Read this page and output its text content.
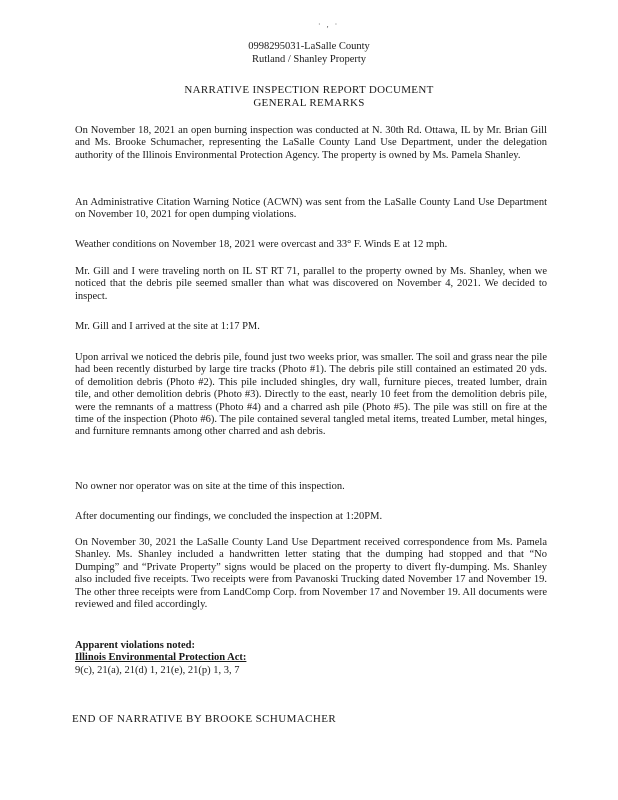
· , ·
0998295031-LaSalle County
Rutland / Shanley Property
NARRATIVE INSPECTION REPORT DOCUMENT
GENERAL REMARKS

On November 18, 2021 an open burning inspection was conducted at N. 30th Rd. Ottawa, IL by Mr. Brian Gill and Ms. Brooke Schumacher, representing the LaSalle County Land Use Department, under the delegation authority of the Illinois Environmental Protection Agency. The property is owned by Ms. Pamela Shanley.

An Administrative Citation Warning Notice (ACWN) was sent from the LaSalle County Land Use Department on November 10, 2021 for open dumping violations.

Weather conditions on November 18, 2021 were overcast and 33° F. Winds E at 12 mph.

Mr. Gill and I were traveling north on IL ST RT 71, parallel to the property owned by Ms. Shanley, when we noticed that the debris pile seemed smaller than what was discovered on November 4, 2021. We decided to inspect.

Mr. Gill and I arrived at the site at 1:17 PM.

Upon arrival we noticed the debris pile, found just two weeks prior, was smaller. The soil and grass near the pile had been recently disturbed by large tire tracks (Photo #1). The debris pile still contained an estimated 20 yds. of demolition debris (Photo #2). This pile included shingles, dry wall, furniture pieces, treated lumber, drain tile, and other demolition debris (Photo #3). Directly to the east, nearly 10 feet from the demolition debris pile, were the remnants of a mattress (Photo #4) and a charred ash pile (Photo #5). The pile was still on fire at the time of the inspection (Photo #6). The pile contained several tangled metal items, treated Lumber, metal hinges, and furniture remnants among other charred and ash debris.

No owner nor operator was on site at the time of this inspection.

After documenting our findings, we concluded the inspection at 1:20PM.

On November 30, 2021 the LaSalle County Land Use Department received correspondence from Ms. Pamela Shanley. Ms. Shanley included a handwritten letter stating that the dumping had stopped and that “No Dumping” and “Private Property” signs would be placed on the property to divert fly-dumping. Ms. Shanley also included five receipts. Two receipts were from Pavanoski Trucking dated November 17 and November 19. The other three receipts were from LandComp Corp. from November 17 and November 19. All documents were reviewed and filed accordingly.

Apparent violations noted:
Illinois Environmental Protection Act:
9(c), 21(a), 21(d) 1, 21(e), 21(p) 1, 3, 7
END OF NARRATIVE BY BROOKE SCHUMACHER
